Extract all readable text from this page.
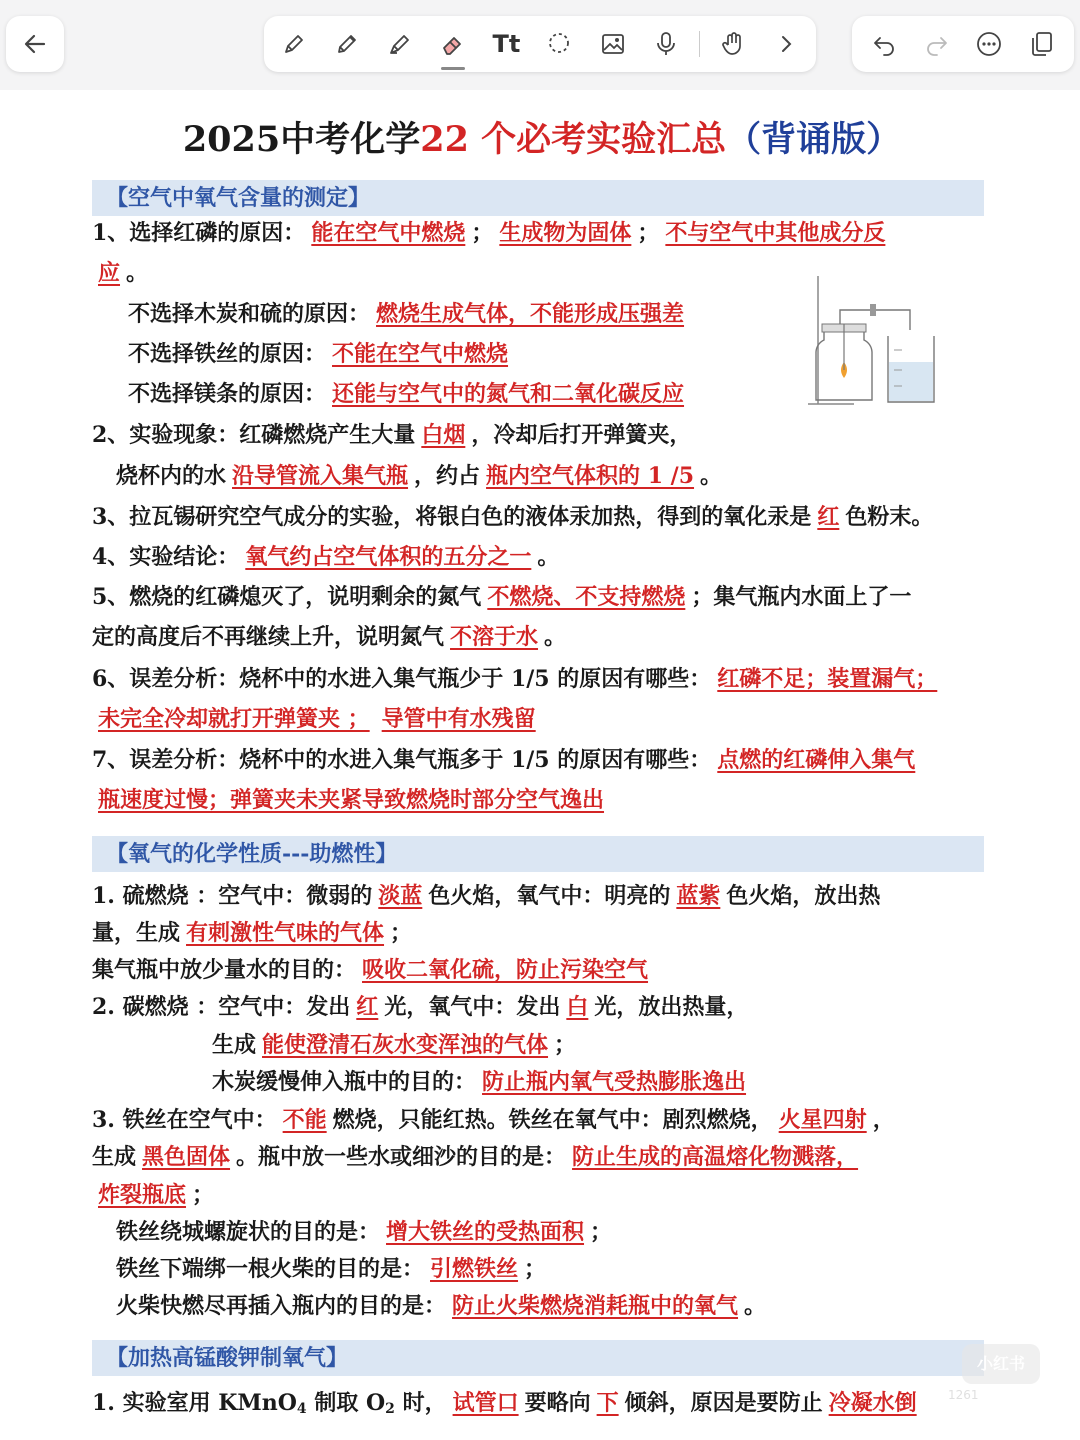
Tt
2025中考化学22 个必考实验汇总（背诵版）
【空气中氧气含量的测定】
1、选择红磷的原因： 能在空气中燃烧 ； 生成物为固体 ； 不与空气中其他成分反
应 。
不选择木炭和硫的原因： 燃烧生成气体，不能形成压强差
不选择铁丝的原因： 不能在空气中燃烧
不选择镁条的原因： 还能与空气中的氮气和二氧化碳反应
2、实验现象：红磷燃烧产生大量 白烟 ，冷却后打开弹簧夹，
烧杯内的水 沿导管流入集气瓶 ，约占 瓶内空气体积的 1 /5 。
3、拉瓦锡研究空气成分的实验，将银白色的液体汞加热，得到的氧化汞是 红 色粉末。
4、实验结论： 氧气约占空气体积的五分之一 。
5、燃烧的红磷熄灭了，说明剩余的氮气 不燃烧、不支持燃烧 ；集气瓶内水面上了一
定的高度后不再继续上升，说明氮气 不溶于水 。
6、误差分析：烧杯中的水进入集气瓶少于 1/5 的原因有哪些： 红磷不足；装置漏气；
未完全冷却就打开弹簧夹 ； 导管中有水残留
7、误差分析：烧杯中的水进入集气瓶多于 1/5 的原因有哪些： 点燃的红磷伸入集气
瓶速度过慢；弹簧夹未夹紧导致燃烧时部分空气逸出
【氧气的化学性质---助燃性】
1. 硫燃烧 ：空气中：微弱的 淡蓝 色火焰，氧气中：明亮的 蓝紫 色火焰，放出热
量，生成 有刺激性气味的气体 ；
集气瓶中放少量水的目的： 吸收二氧化硫，防止污染空气
2. 碳燃烧 ：空气中：发出 红 光，氧气中：发出 白 光，放出热量，
生成 能使澄清石灰水变浑浊的气体 ；
木炭缓慢伸入瓶中的目的： 防止瓶内氧气受热膨胀逸出
3. 铁丝在空气中： 不能 燃烧，只能红热。铁丝在氧气中：剧烈燃烧， 火星四射 ，
生成 黑色固体 。瓶中放一些水或细沙的目的是： 防止生成的高温熔化物溅落，
炸裂瓶底 ；
铁丝绕城螺旋状的目的是： 增大铁丝的受热面积 ；
铁丝下端绑一根火柴的目的是： 引燃铁丝 ；
火柴快燃尽再插入瓶内的目的是： 防止火柴燃烧消耗瓶中的氧气 。
【加热高锰酸钾制氧气】
1. 实验室用 KMnO$_4$ 制取 $O_2$ 时， 试管口 要略向 下 倾斜，原因是要防止 冷凝水倒
小红书
1261
